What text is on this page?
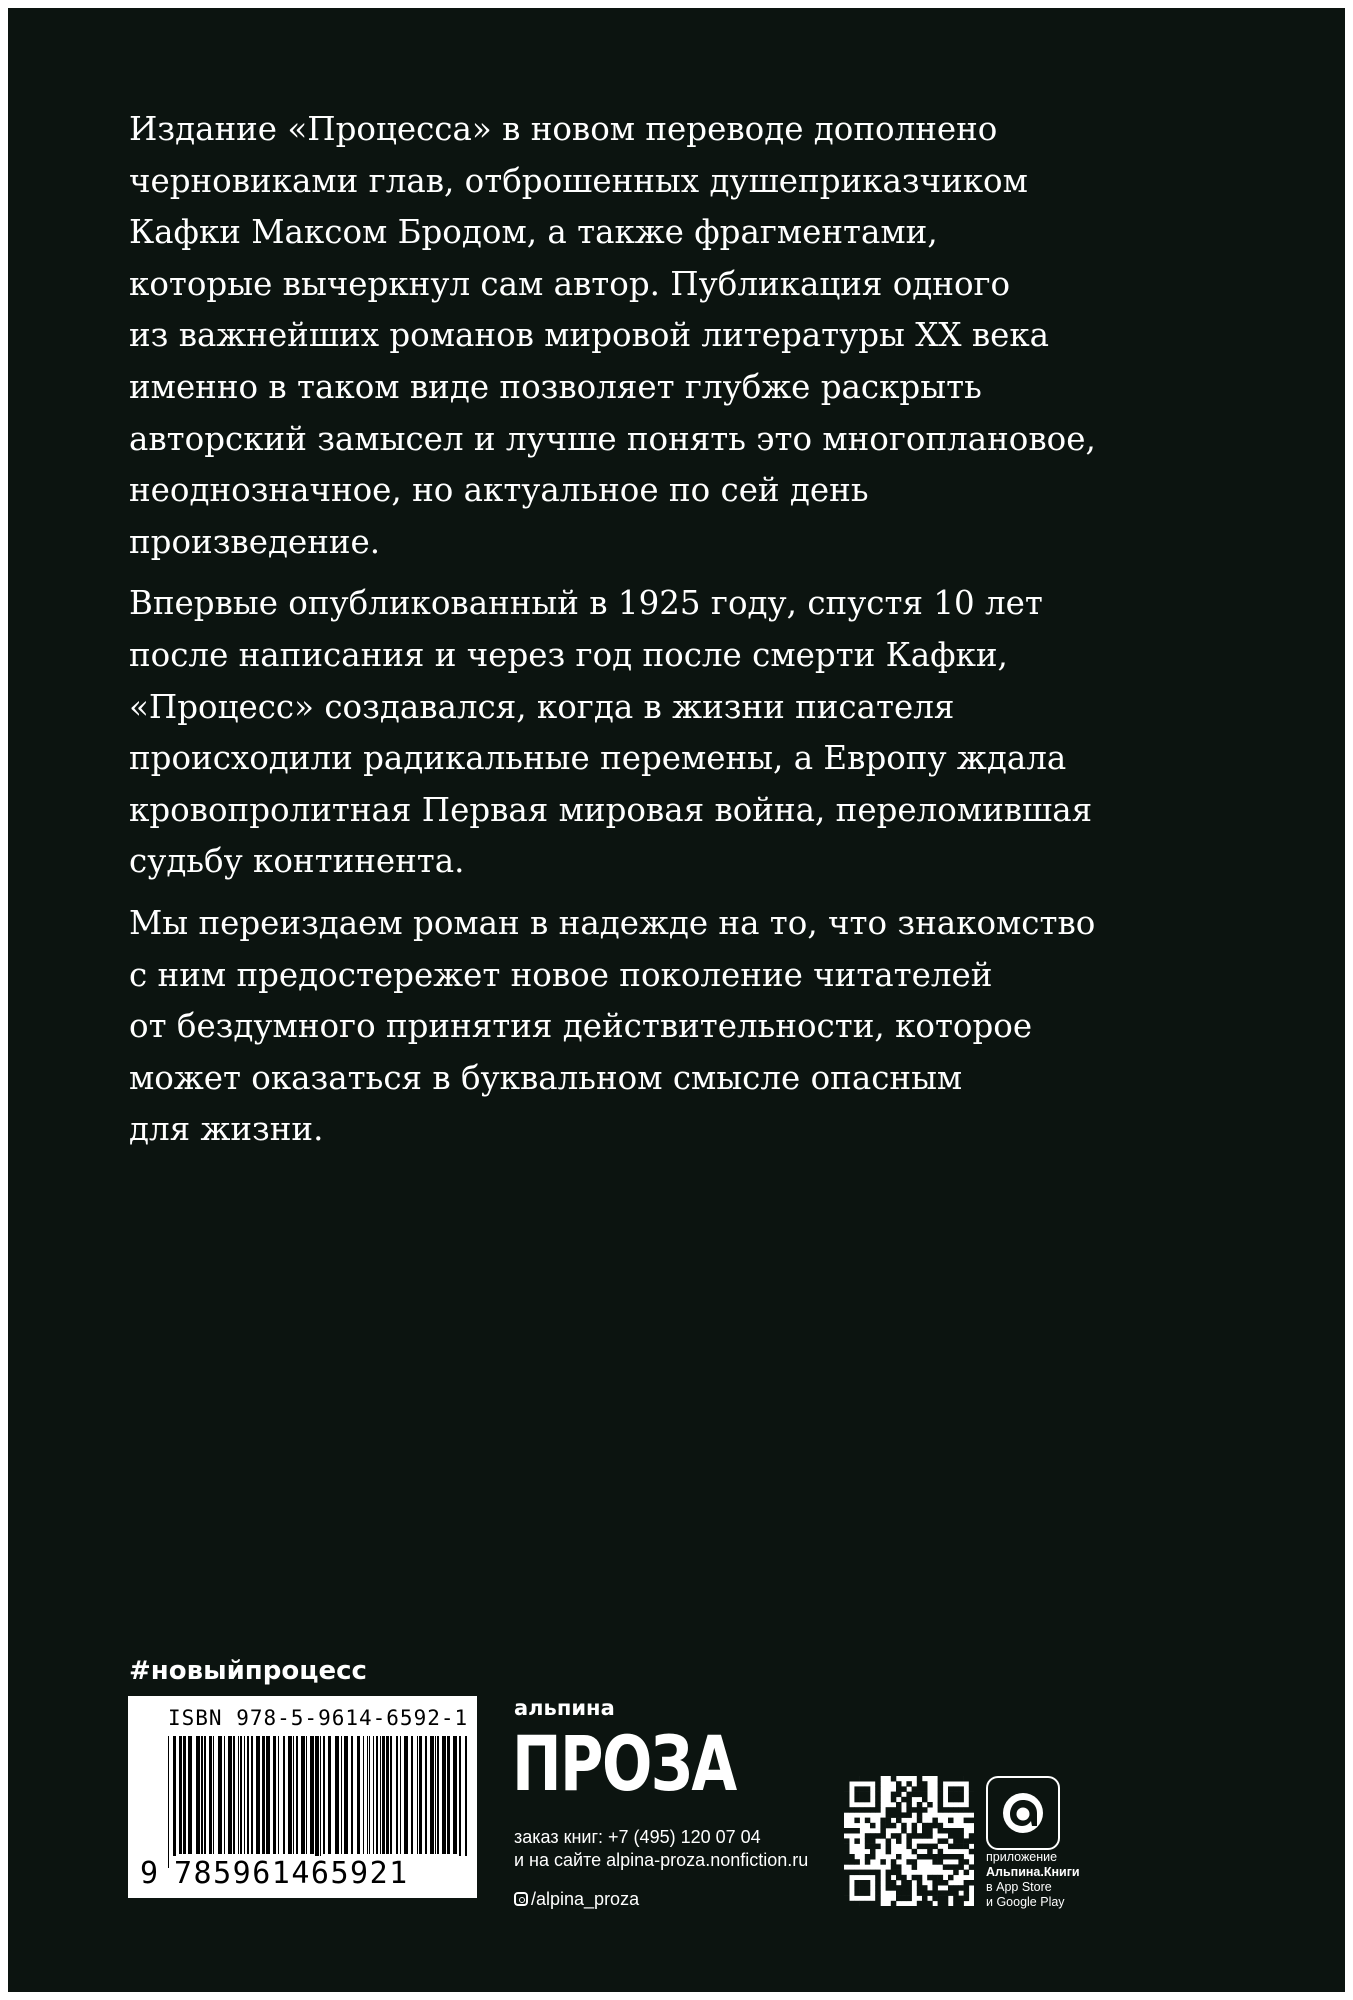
Издание «Процесса» в новом переводе дополнено
черновиками глав, отброшенных душеприказчиком
Кафки Максом Бродом, а также фрагментами,
которые вычеркнул сам автор. Публикация одного
из важнейших романов мировой литературы XX века
именно в таком виде позволяет глубже раскрыть
авторский замысел и лучше понять это многоплановое,
неоднозначное, но актуальное по сей день
произведение.

Впервые опубликованный в 1925 году, спустя 10 лет
после написания и через год после смерти Кафки,
«Процесс» создавался, когда в жизни писателя
происходили радикальные перемены, а Европу ждала
кровопролитная Первая мировая война, переломившая
судьбу континента.

Мы переиздаем роман в надежде на то, что знакомство
с ним предостережет новое поколение читателей
от бездумного принятия действительности, которое
может оказаться в буквальном смысле опасным
для жизни.

#новыйпроцесс
ISBN 978-5-9614-6592-1
9 785961465921
альпина
ПРОЗА
заказ книг: +7 (495) 120 07 04
и на сайте alpina-proza.nonfiction.ru
/alpina_proza
приложение
Альпина.Книги
в App Store
и Google Play
